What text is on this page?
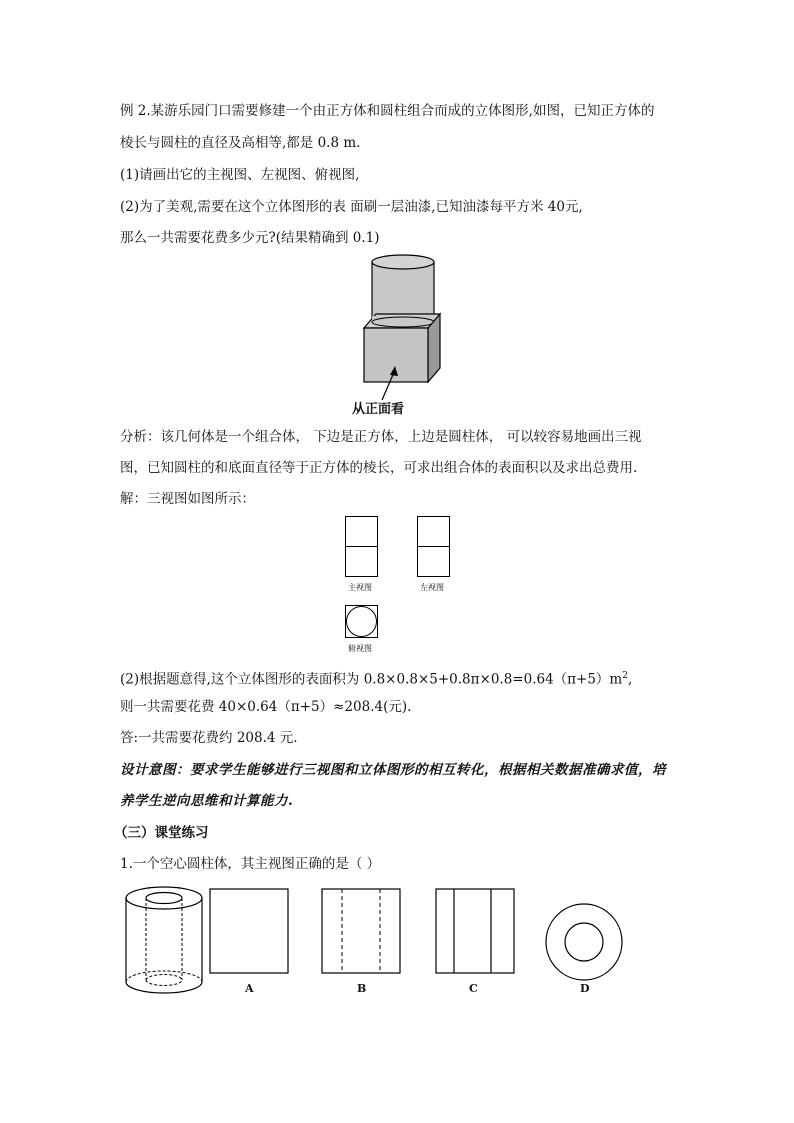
例 2.某游乐园门口需要修建一个由正方体和圆柱组合而成的立体图形,如图，已知正方体的
棱长与圆柱的直径及高相等,都是 0.8 m.
(1)请画出它的主视图、左视图、俯视图,
(2)为了美观,需要在这个立体图形的表 面刷一层油漆,已知油漆每平方米 40元,
那么一共需要花费多少元?(结果精确到 0.1)
从正面看
分析：该几何体是一个组合体， 下边是正方体，上边是圆柱体， 可以较容易地画出三视
图，已知圆柱的和底面直径等于正方体的棱长，可求出组合体的表面积以及求出总费用.
解：三视图如图所示：
主视图	左视图
俯视图
(2)根据题意得,这个立体图形的表面积为 $0.8\times 0.8\times 5+0.8\pi\times 0.8=0.64(\pi+5)m^2$,
则一共需要花费 40×0.64（π+5）≈208.4(元).
答:一共需要花费约 208.4 元.
设计意图：要求学生能够进行三视图和立体图形的相互转化，根据相关数据准确求值，培
养学生逆向思维和计算能力.
（三）课堂练习
1.一个空心圆柱体，其主视图正确的是（ ）
A	B	C	D
